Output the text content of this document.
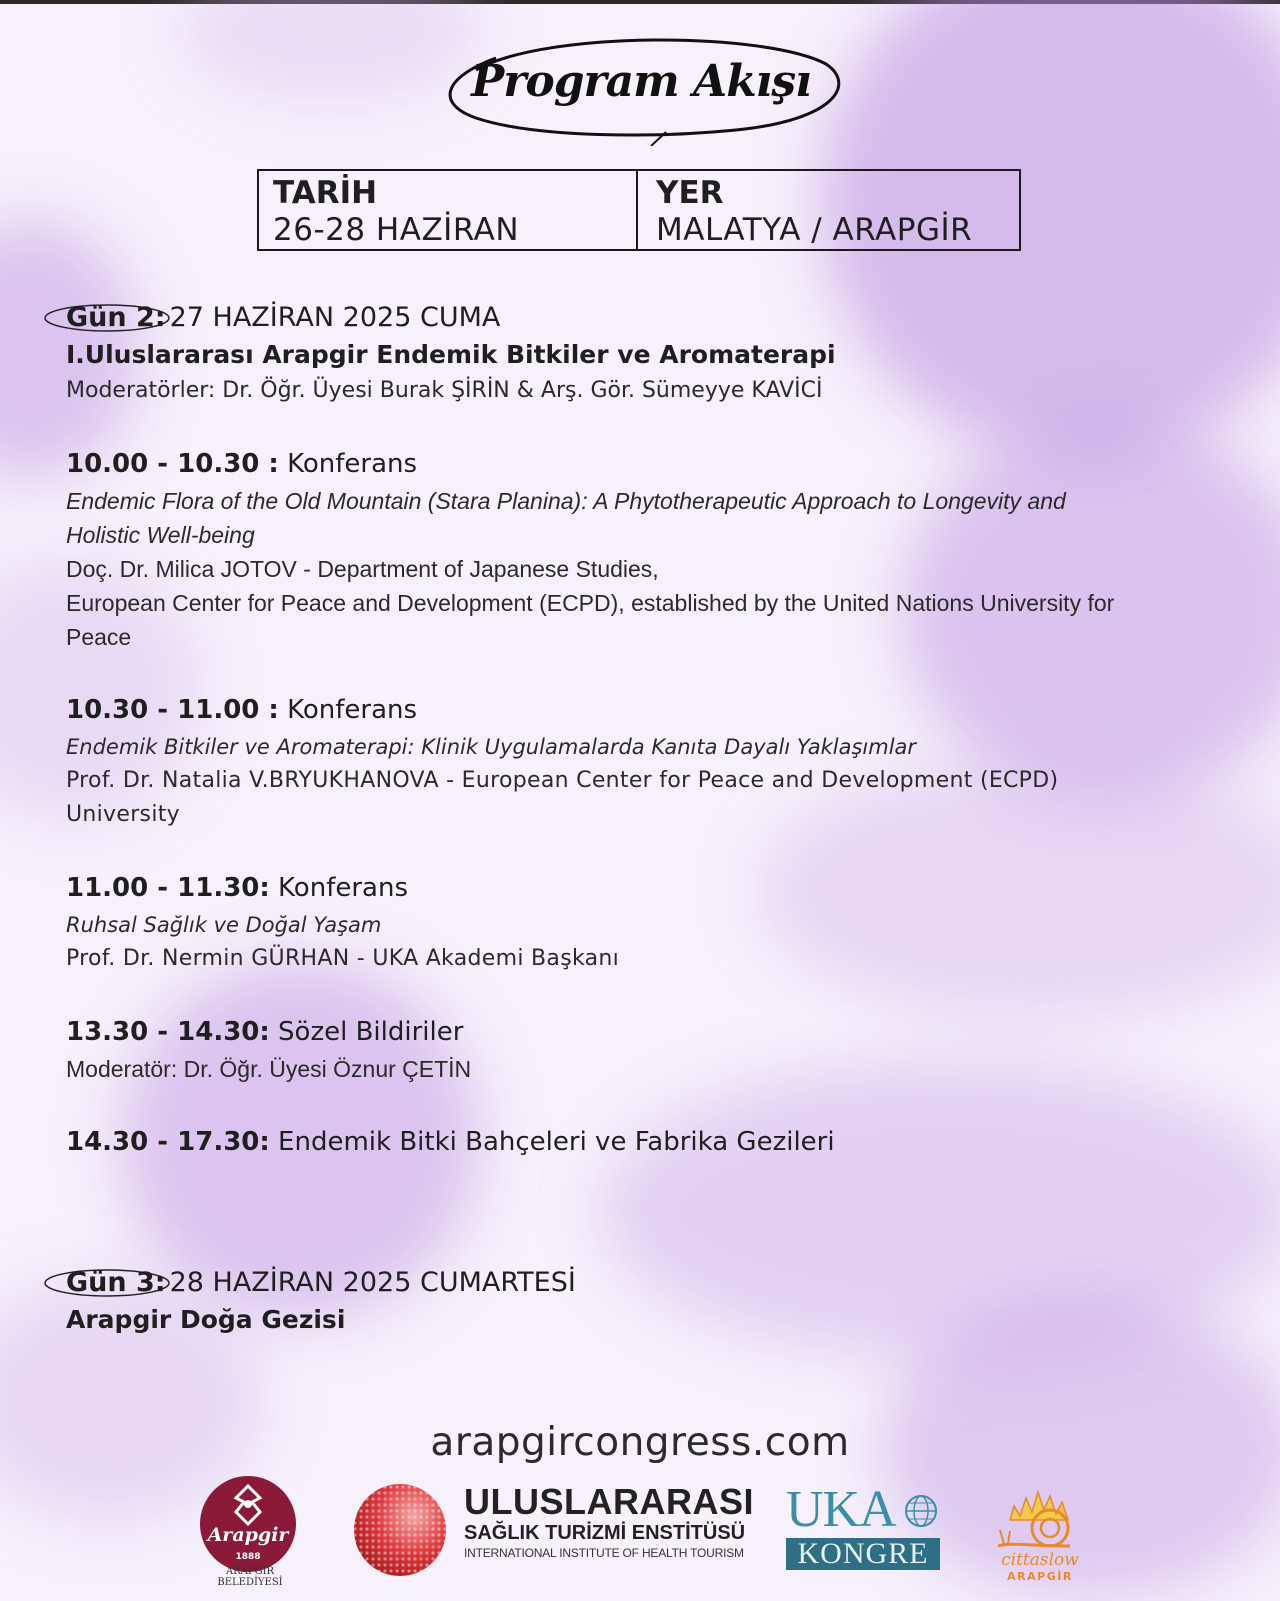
Program Akışı
TARİH
26-28 HAZİRAN
YER
MALATYA / ARAPGİR
Gün 2: 27 HAZİRAN 2025 CUMA
I.Uluslararası Arapgir Endemik Bitkiler ve Aromaterapi
Moderatörler: Dr. Öğr. Üyesi Burak ŞİRİN & Arş. Gör. Sümeyye KAVİCİ
10.00 - 10.30 : Konferans
Endemic Flora of the Old Mountain (Stara Planina): A Phytotherapeutic Approach to Longevity and
Holistic Well-being
Doç. Dr. Milica JOTOV - Department of Japanese Studies,
European Center for Peace and Development (ECPD), established by the United Nations University for
Peace
10.30 - 11.00 : Konferans
Endemik Bitkiler ve Aromaterapi: Klinik Uygulamalarda Kanıta Dayalı Yaklaşımlar
Prof. Dr. Natalia V.BRYUKHANOVA - European Center for Peace and Development (ECPD)
University
11.00 - 11.30: Konferans
Ruhsal Sağlık ve Doğal Yaşam
Prof. Dr. Nermin GÜRHAN - UKA Akademi Başkanı
13.30 - 14.30: Sözel Bildiriler
Moderatör: Dr. Öğr. Üyesi Öznur ÇETİN
14.30 - 17.30: Endemik Bitki Bahçeleri ve Fabrika Gezileri
Gün 3: 28 HAZİRAN 2025 CUMARTESİ
Arapgir Doğa Gezisi
arapgircongress.com
Arapgir
1888
ARAPGİR BELEDİYESİ
ULUSLARARASI
SAĞLIK TURİZMİ ENSTİTÜSÜ
INTERNATIONAL INSTITUTE OF HEALTH TOURISM
UKA
KONGRE	cittaslow
ARAPGİR
